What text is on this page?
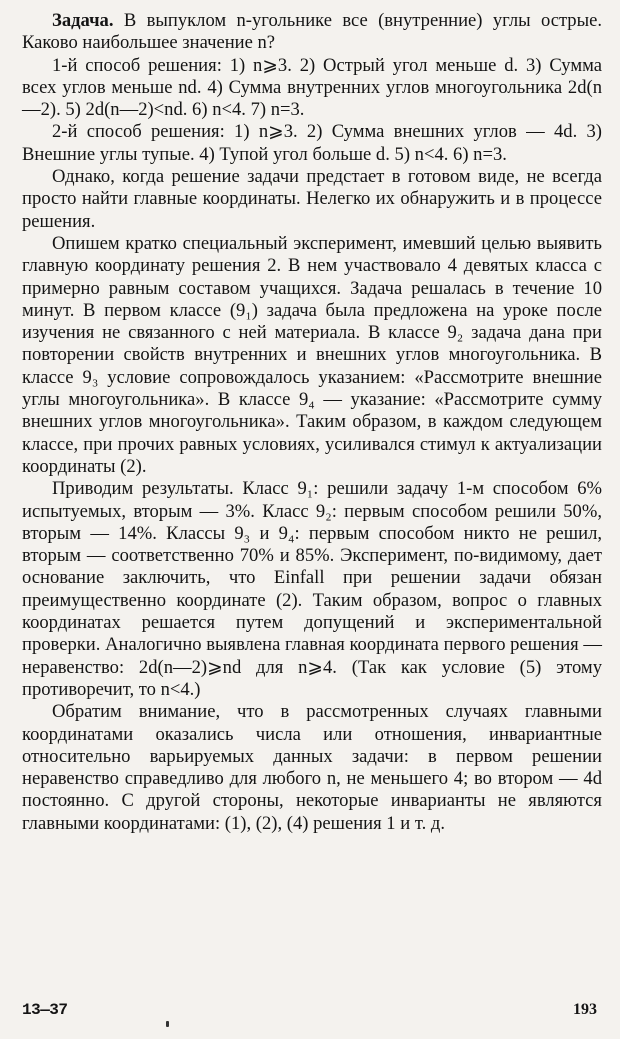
Задача. В выпуклом n-угольнике все (внутренние) углы острые. Каково наибольшее значение n?

1-й способ решения: 1) n⩾3. 2) Острый угол меньше d. 3) Сумма всех углов меньше nd. 4) Сумма внутренних углов многоугольника 2d(n—2). 5) 2d(n—2)<nd. 6) n<4. 7) n=3.

2-й способ решения: 1) n⩾3. 2) Сумма внешних углов — 4d. 3) Внешние углы тупые. 4) Тупой угол больше d. 5) n<4. 6) n=3.

Однако, когда решение задачи предстает в готовом виде, не всегда просто найти главные координаты. Нелегко их обнаружить и в процессе решения.

Опишем кратко специальный эксперимент, имевший целью выявить главную координату решения 2. В нем участвовало 4 девятых класса с примерно равным составом учащихся. Задача решалась в течение 10 минут. В первом классе (9₁) задача была предложена на уроке после изучения не связанного с ней материала. В классе 9₂ задача дана при повторении свойств внутренних и внешних углов многоугольника. В классе 9₃ условие сопровождалось указанием: «Рассмотрите внешние углы многоугольника». В классе 9₄ — указание: «Рассмотрите сумму внешних углов многоугольника». Таким образом, в каждом следующем классе, при прочих равных условиях, усиливался стимул к актуализации координаты (2).

Приводим результаты. Класс 9₁: решили задачу 1-м способом 6% испытуемых, вторым — 3%. Класс 9₂: первым способом решили 50%, вторым — 14%. Классы 9₃ и 9₄: первым способом никто не решил, вторым — соответственно 70% и 85%. Эксперимент, по-видимому, дает основание заключить, что Einfall при решении задачи обязан преимущественно координате (2). Таким образом, вопрос о главных координатах решается путем допущений и экспериментальной проверки. Аналогично выявлена главная координата первого решения — неравенство: 2d(n—2)⩾nd для n⩾4. (Так как условие (5) этому противоречит, то n<4.)

Обратим внимание, что в рассмотренных случаях главными координатами оказались числа или отношения, инвариантные относительно варьируемых данных задачи: в первом решении неравенство справедливо для любого n, не меньшего 4; во втором — 4d постоянно. С другой стороны, некоторые инварианты не являются главными координатами: (1), (2), (4) решения 1 и т. д.

13—37	193
